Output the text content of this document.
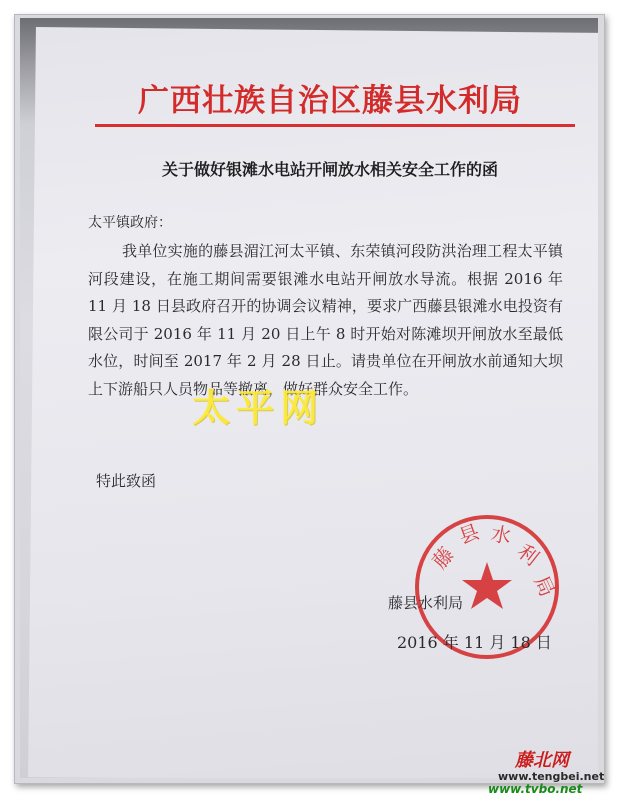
广西壮族自治区藤县水利局
关于做好银滩水电站开闸放水相关安全工作的函
太平镇政府：
我单位实施的藤县湄江河太平镇、东荣镇河段防洪治理工程太平镇河段建设，在施工期间需要银滩水电站开闸放水导流。根据 2016 年 11 月 18 日县政府召开的协调会议精神，要求广西藤县银滩水电投资有限公司于 2016 年 11 月 20 日上午 8 时开始对陈滩坝开闸放水至最低水位，时间至 2017 年 2 月 28 日止。请贵单位在开闸放水前通知大坝上下游船只人员物品等撤离，做好群众安全工作。
特此致函
藤
县 水
利
局
藤县水利局
2016 年 11 月 18 日
太平网
藤北网
www.tengbei.net
www.tvbo.net
